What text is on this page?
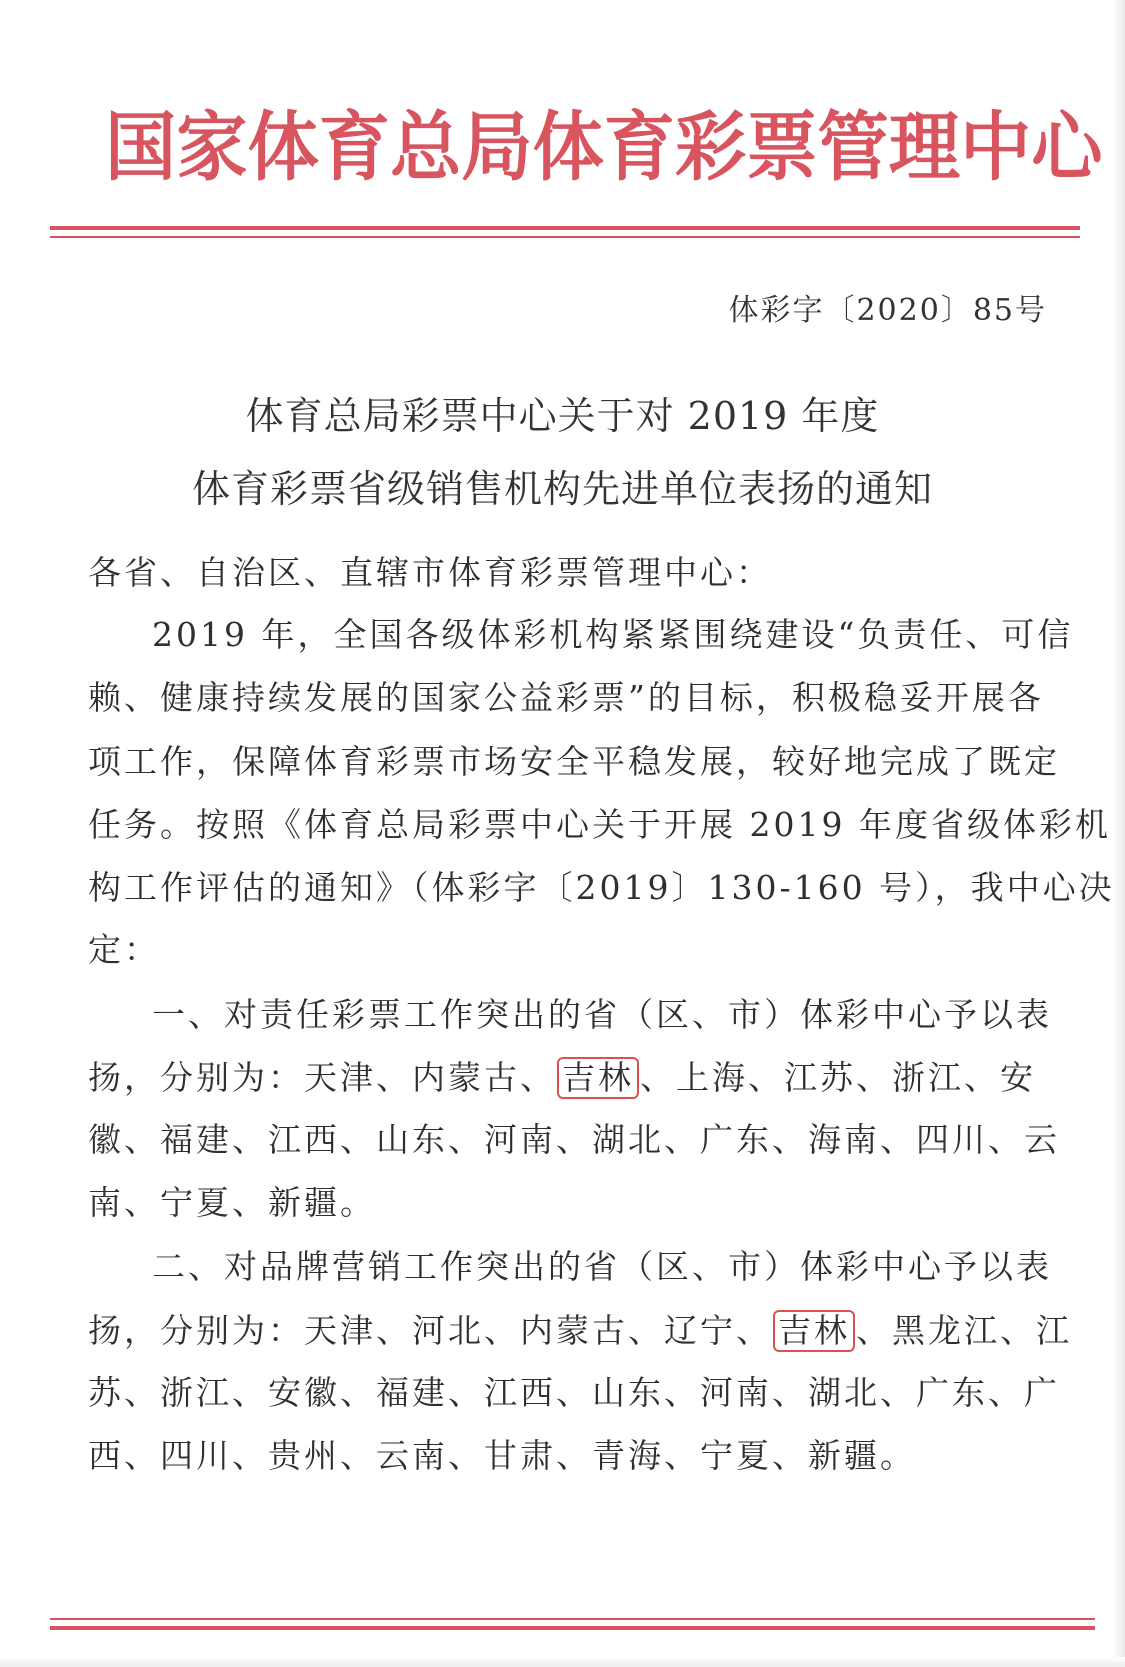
国家体育总局体育彩票管理中心
体彩字〔2020〕85号
体育总局彩票中心关于对 2019 年度
体育彩票省级销售机构先进单位表扬的通知
各省、自治区、直辖市体育彩票管理中心：
2019 年，全国各级体彩机构紧紧围绕建设“负责任、可信
赖、健康持续发展的国家公益彩票”的目标，积极稳妥开展各
项工作，保障体育彩票市场安全平稳发展，较好地完成了既定
任务。按照《体育总局彩票中心关于开展 2019 年度省级体彩机
构工作评估的通知》（体彩字〔2019〕130-160 号），我中心决
定：
一、对责任彩票工作突出的省（区、市）体彩中心予以表
扬，分别为：天津、内蒙古、 吉林 、上海、江苏、浙江、安
徽、福建、江西、山东、河南、湖北、广东、海南、四川、云
南、宁夏、新疆。
二、对品牌营销工作突出的省（区、市）体彩中心予以表
扬，分别为：天津、河北、内蒙古、辽宁、 吉林 、黑龙江、江
苏、浙江、安徽、福建、江西、山东、河南、湖北、广东、广
西、四川、贵州、云南、甘肃、青海、宁夏、新疆。
